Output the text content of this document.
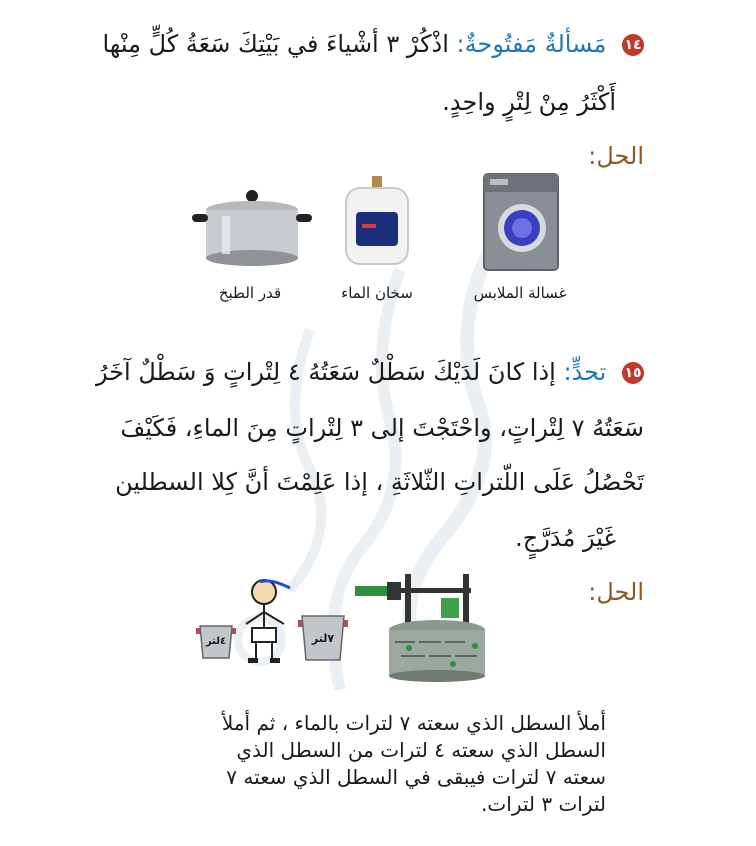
١٤ مَسألةٌ مَفتُوحةٌ: اذْكُرْ ٣ أشْياءَ في بَيْتِكَ سَعَةُ كُلٍّ مِنْها
أَكْثَرُ مِنْ لِتْرٍ واحِدٍ.
الحل:
غسالة الملابس
سخان الماء
قدر الطبخ
١٥ تحدٍّ: إذا كانَ لَدَيْكَ سَطْلٌ سَعَتُهُ ٤ لِتْراتٍ وَ سَطْلٌ آخَرُ
سَعَتُهُ ٧ لِتْراتٍ، واحْتَجْتَ إلى ٣ لِتْراتٍ مِنَ الماءِ، فَكَيْفَ
تَحْصُلُ عَلَى اللّتراتِ الثّلاثَةِ ، إذا عَلِمْتَ أنَّ كِلا السطلين
غَيْرَ مُدَرَّجٍ.
الحل:
٤لتر	٧لتر
أملأ السطل الذي سعته ٧ لترات بالماء ، ثم أملأ
السطل الذي سعته ٤ لترات من السطل الذي
سعته ٧ لترات فيبقى في السطل الذي سعته ٧
لترات ٣ لترات.
